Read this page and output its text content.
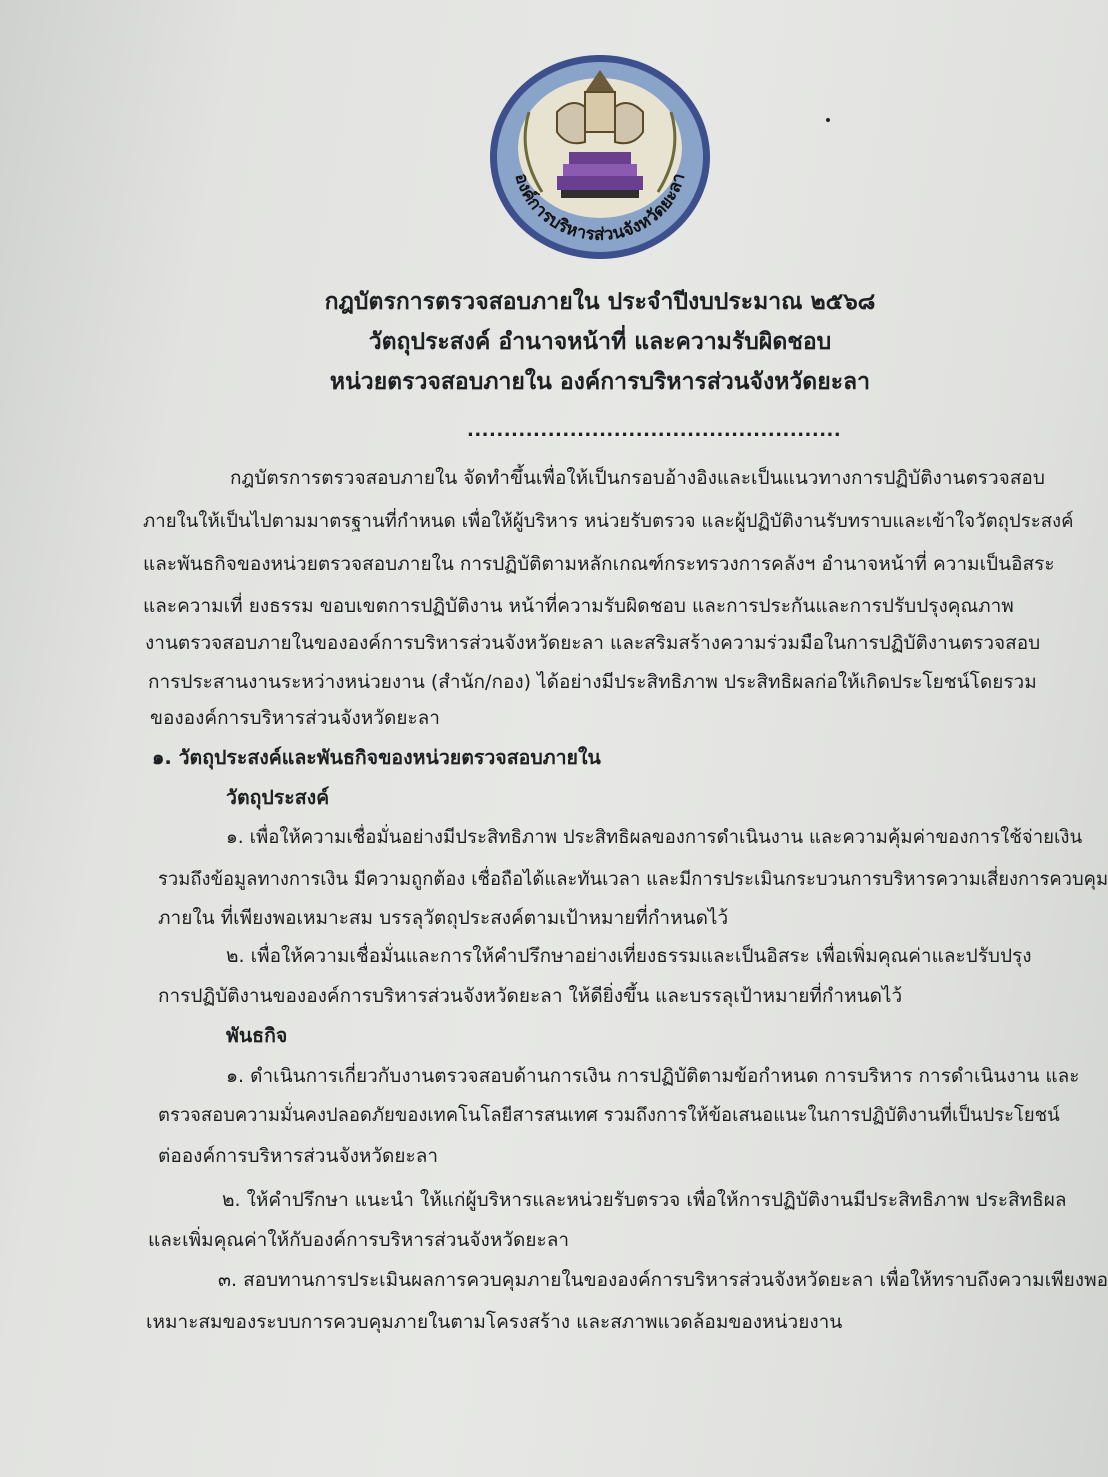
องค์การบริหารส่วนจังหวัดยะลา
กฎบัตรการตรวจสอบภายใน ประจำปีงบประมาณ ๒๕๖๘
วัตถุประสงค์ อำนาจหน้าที่ และความรับผิดชอบ
หน่วยตรวจสอบภายใน องค์การบริหารส่วนจังหวัดยะลา
...................................................
กฎบัตรการตรวจสอบภายใน จัดทำขึ้นเพื่อให้เป็นกรอบอ้างอิงและเป็นแนวทางการปฏิบัติงานตรวจสอบ
ภายในให้เป็นไปตามมาตรฐานที่กำหนด เพื่อให้ผู้บริหาร หน่วยรับตรวจ และผู้ปฏิบัติงานรับทราบและเข้าใจวัตถุประสงค์
และพันธกิจของหน่วยตรวจสอบภายใน การปฏิบัติตามหลักเกณฑ์กระทรวงการคลังฯ อำนาจหน้าที่ ความเป็นอิสระ
และความเที่ ยงธรรม ขอบเขตการปฏิบัติงาน หน้าที่ความรับผิดชอบ และการประกันและการปรับปรุงคุณภาพ
งานตรวจสอบภายในขององค์การบริหารส่วนจังหวัดยะลา และสริมสร้างความร่วมมือในการปฏิบัติงานตรวจสอบ
การประสานงานระหว่างหน่วยงาน (สำนัก/กอง) ได้อย่างมีประสิทธิภาพ ประสิทธิผลก่อให้เกิดประโยชน์โดยรวม
ขององค์การบริหารส่วนจังหวัดยะลา
๑. วัตถุประสงค์และพันธกิจของหน่วยตรวจสอบภายใน
วัตถุประสงค์
๑. เพื่อให้ความเชื่อมั่นอย่างมีประสิทธิภาพ ประสิทธิผลของการดำเนินงาน และความคุ้มค่าของการใช้จ่ายเงิน
รวมถึงข้อมูลทางการเงิน มีความถูกต้อง เชื่อถือได้และทันเวลา และมีการประเมินกระบวนการบริหารความเสี่ยงการควบคุม
ภายใน ที่เพียงพอเหมาะสม บรรลุวัตถุประสงค์ตามเป้าหมายที่กำหนดไว้
๒. เพื่อให้ความเชื่อมั่นและการให้คำปรึกษาอย่างเที่ยงธรรมและเป็นอิสระ เพื่อเพิ่มคุณค่าและปรับปรุง
การปฏิบัติงานขององค์การบริหารส่วนจังหวัดยะลา ให้ดียิ่งขึ้น และบรรลุเป้าหมายที่กำหนดไว้
พันธกิจ
๑. ดำเนินการเกี่ยวกับงานตรวจสอบด้านการเงิน การปฏิบัติตามข้อกำหนด การบริหาร การดำเนินงาน และ
ตรวจสอบความมั่นคงปลอดภัยของเทคโนโลยีสารสนเทศ รวมถึงการให้ข้อเสนอแนะในการปฏิบัติงานที่เป็นประโยชน์
ต่อองค์การบริหารส่วนจังหวัดยะลา
๒. ให้คำปรึกษา แนะนำ ให้แก่ผู้บริหารและหน่วยรับตรวจ เพื่อให้การปฏิบัติงานมีประสิทธิภาพ ประสิทธิผล
และเพิ่มคุณค่าให้กับองค์การบริหารส่วนจังหวัดยะลา
๓. สอบทานการประเมินผลการควบคุมภายในขององค์การบริหารส่วนจังหวัดยะลา เพื่อให้ทราบถึงความเพียงพอ
เหมาะสมของระบบการควบคุมภายในตามโครงสร้าง และสภาพแวดล้อมของหน่วยงาน
